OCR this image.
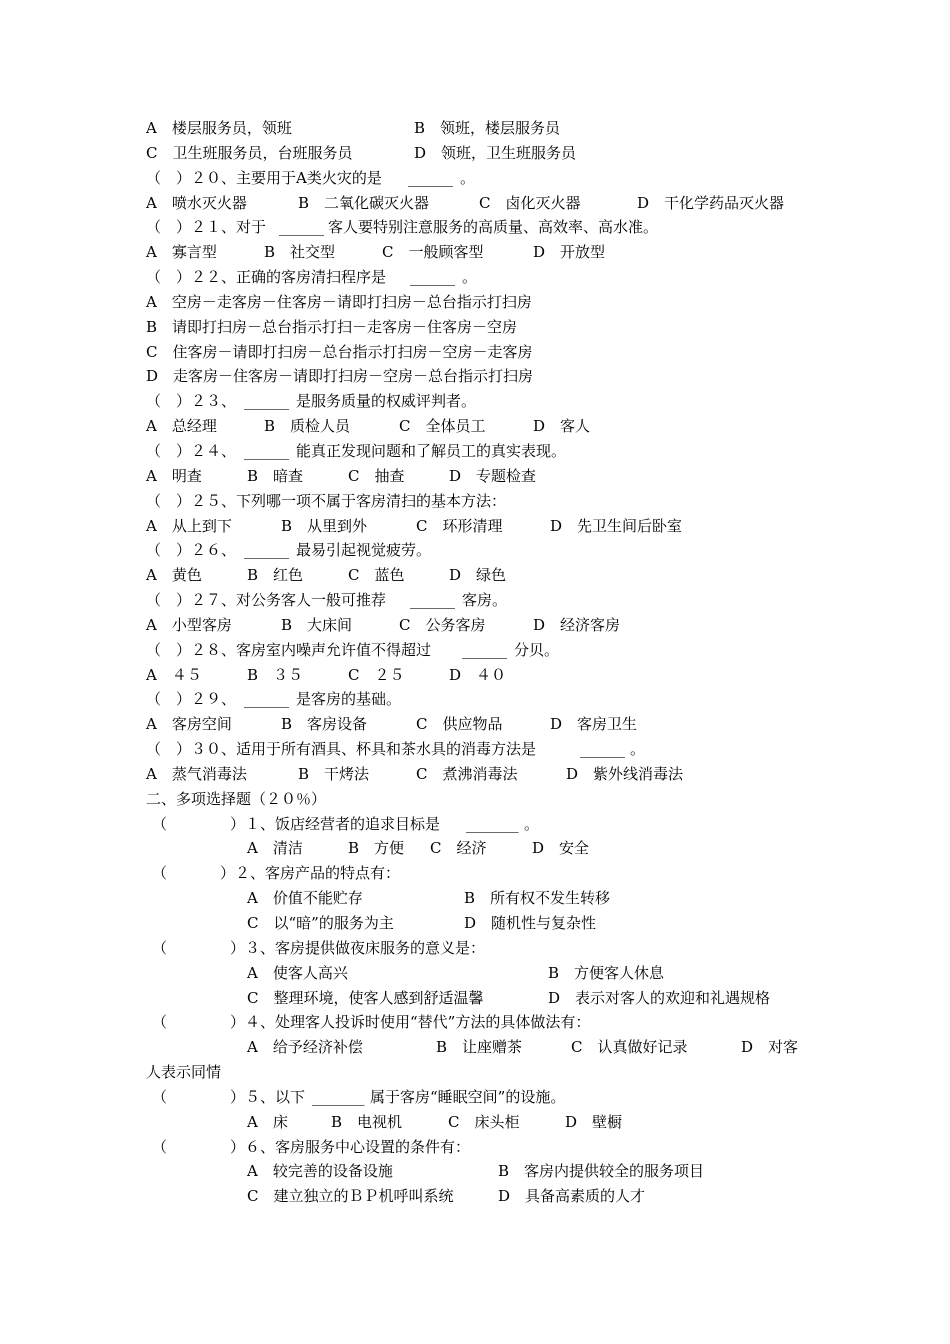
A　楼层服务员，领班	B　领班，楼层服务员
C　卫生班服务员，台班服务员	D　领班，卫生班服务员
（　）２０、主要用于A类火灾的是 ______ 。
A　喷水灭火器	B　二氧化碳灭火器	C　卤化灭火器	D　干化学药品灭火器
（　）２１、对于 ______ 客人要特别注意服务的高质量、高效率、高水准。
A　寡言型	B　社交型	C　一般顾客型	D　开放型
（　）２２、正确的客房清扫程序是 ______ 。
A　空房－走客房－住客房－请即打扫房－总台指示打扫房
B　请即打扫房－总台指示打扫－走客房－住客房－空房
C　住客房－请即打扫房－总台指示打扫房－空房－走客房
D　走客房－住客房－请即打扫房－空房－总台指示打扫房
（　）２３、 ______ 是服务质量的权威评判者。
A　总经理	B　质检人员	C　全体员工	D　客人
（　）２４、 ______ 能真正发现问题和了解员工的真实表现。
A　明查	B　暗查	C　抽查	D　专题检查
（　）２５、下列哪一项不属于客房清扫的基本方法：
A　从上到下	B　从里到外	C　环形清理	D　先卫生间后卧室
（　）２６、 ______ 最易引起视觉疲劳。
A　黄色	B　红色	C　蓝色	D　绿色
（　）２７、对公务客人一般可推荐 ______ 客房。
A　小型客房	B　大床间	C　公务客房	D　经济客房
（　）２８、客房室内噪声允许值不得超过 ______ 分贝。
A　４５	B　３５	C　２５	D　４０
（　）２９、 ______ 是客房的基础。
A　客房空间	B　客房设备	C　供应物品	D　客房卫生
（　）３０、适用于所有酒具、杯具和茶水具的消毒方法是	______ 。
A　蒸气消毒法	B　干烤法	C　煮沸消毒法	D　紫外线消毒法
二、多项选择题（２０％）
（	）１、饭店经营者的追求目标是 _______ 。
A　清洁	B　方便 C　经济	D　安全
（	）２、客房产品的特点有：
A　价值不能贮存	B　所有权不发生转移
C　以“暗”的服务为主	D　随机性与复杂性
（	）３、客房提供做夜床服务的意义是：
A　使客人高兴	B　方便客人休息
C　整理环境，使客人感到舒适温馨	D　表示对客人的欢迎和礼遇规格
（	）４、处理客人投诉时使用“替代”方法的具体做法有：
A　给予经济补偿	B　让座赠茶	C　认真做好记录	D　对客
人表示同情
（	）５、以下 _______ 属于客房“睡眠空间”的设施。
A　床	B　电视机	C　床头柜	D　壁橱
（	）６、客房服务中心设置的条件有：
A　较完善的设备设施	B　客房内提供较全的服务项目
C　建立独立的ＢＰ机呼叫系统	D　具备高素质的人才
